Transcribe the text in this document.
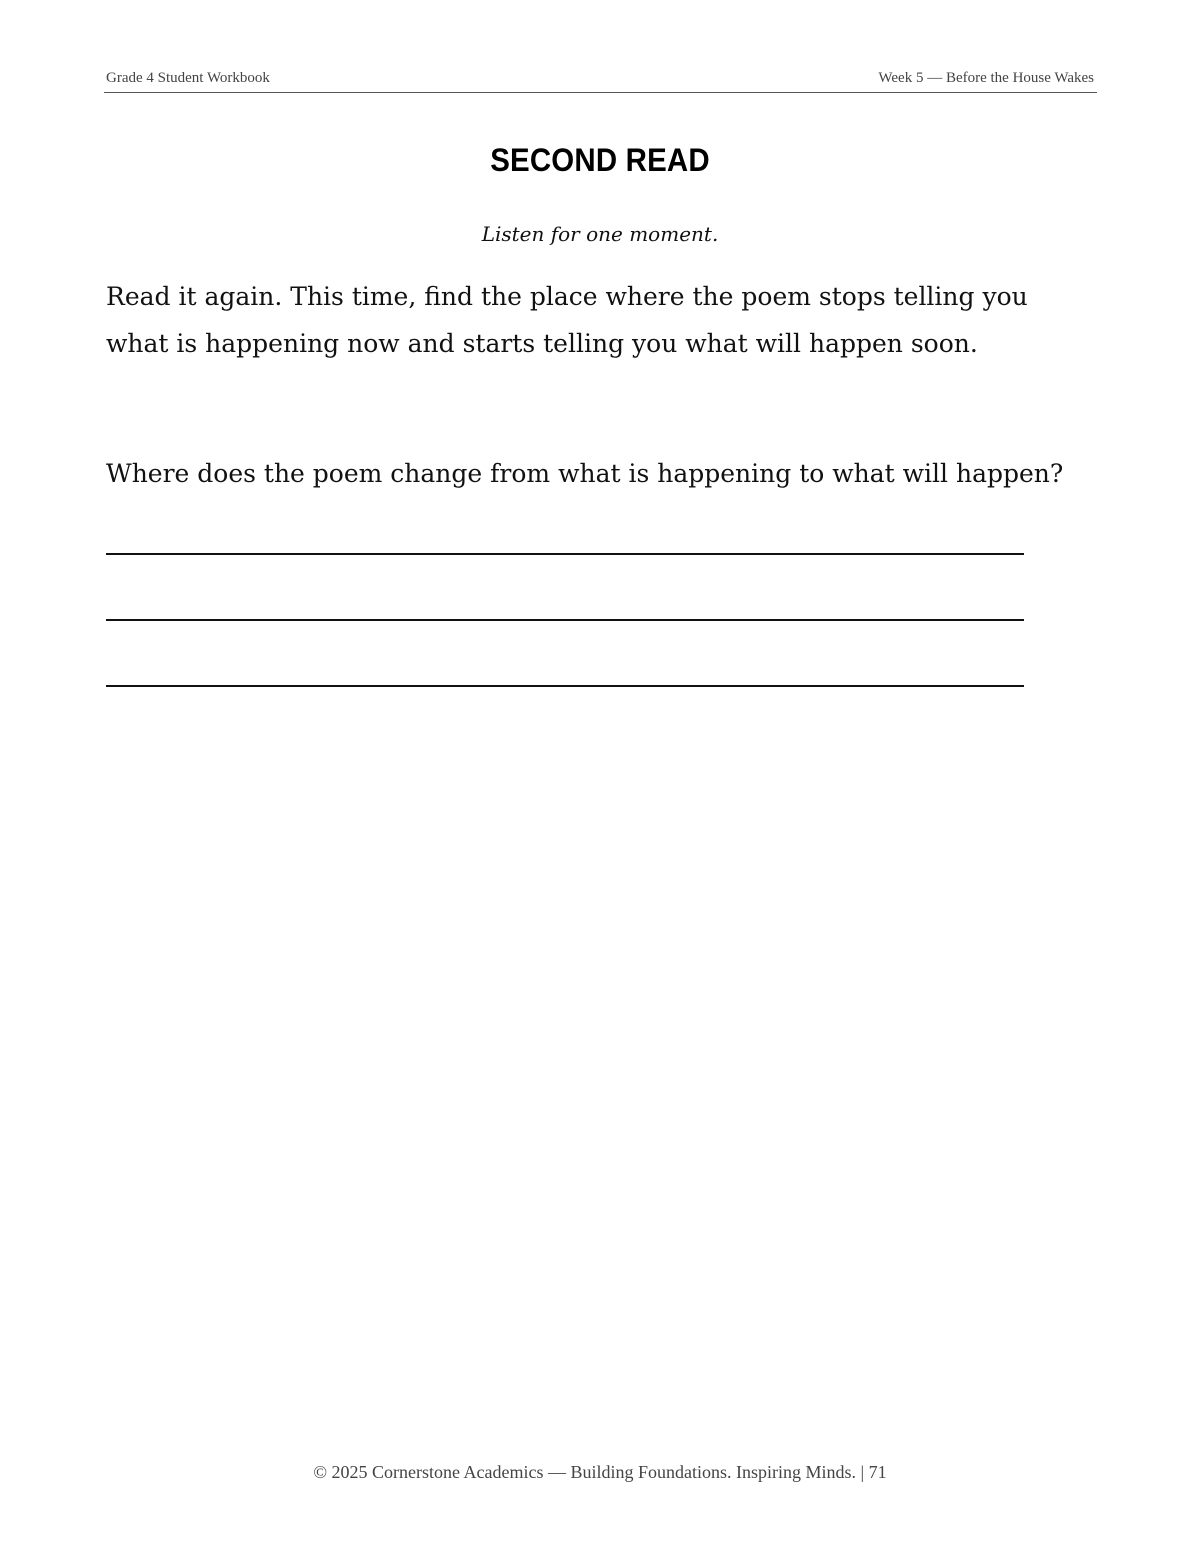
Grade 4 Student Workbook	Week 5 — Before the House Wakes
SECOND READ
Listen for one moment.
Read it again. This time, find the place where the poem stops telling you what is happening now and starts telling you what will happen soon.
Where does the poem change from what is happening to what will happen?
© 2025 Cornerstone Academics — Building Foundations. Inspiring Minds. | 71
